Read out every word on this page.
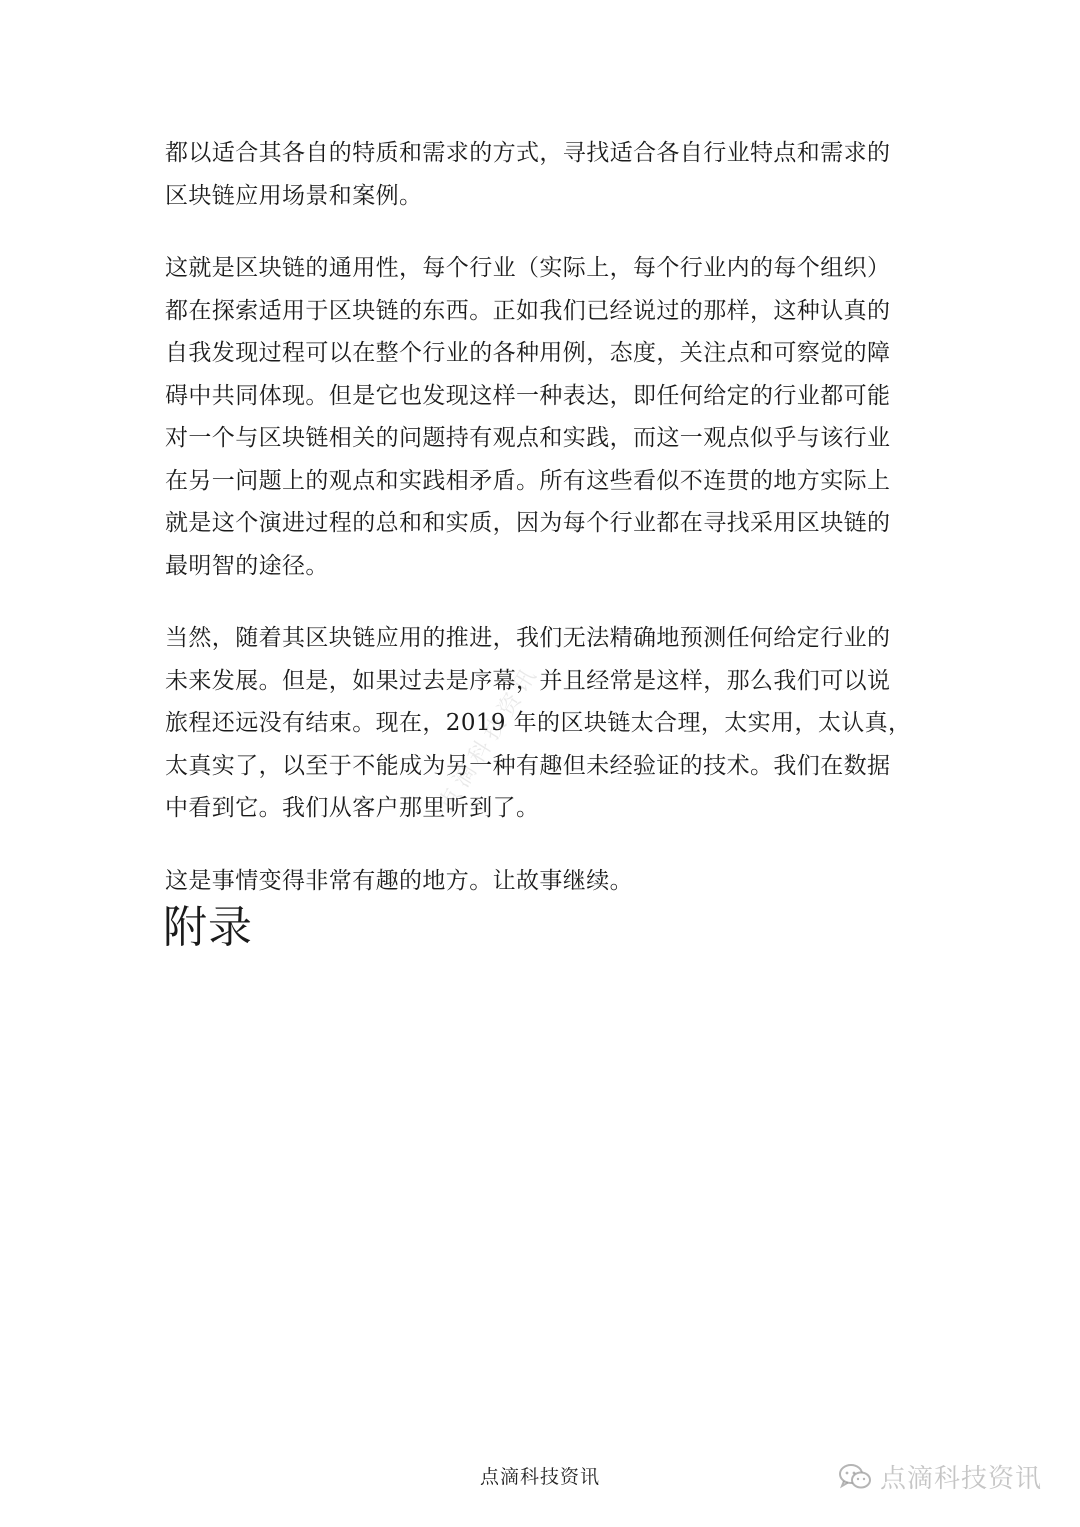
都以适合其各自的特质和需求的方式，寻找适合各自行业特点和需求的
区块链应用场景和案例。

这就是区块链的通用性，每个行业（实际上，每个行业内的每个组织）
都在探索适用于区块链的东西。正如我们已经说过的那样，这种认真的
自我发现过程可以在整个行业的各种用例，态度，关注点和可察觉的障
碍中共同体现。但是它也发现这样一种表达，即任何给定的行业都可能
对一个与区块链相关的问题持有观点和实践，而这一观点似乎与该行业
在另一问题上的观点和实践相矛盾。所有这些看似不连贯的地方实际上
就是这个演进过程的总和和实质，因为每个行业都在寻找采用区块链的
最明智的途径。

当然，随着其区块链应用的推进，我们无法精确地预测任何给定行业的
未来发展。但是，如果过去是序幕，并且经常是这样，那么我们可以说
旅程还远没有结束。现在，2019 年的区块链太合理，太实用，太认真，
太真实了，以至于不能成为另一种有趣但未经验证的技术。我们在数据
中看到它。我们从客户那里听到了。

这是事情变得非常有趣的地方。让故事继续。

附录
点滴科技资讯
点滴科技资讯	点滴科技资讯
